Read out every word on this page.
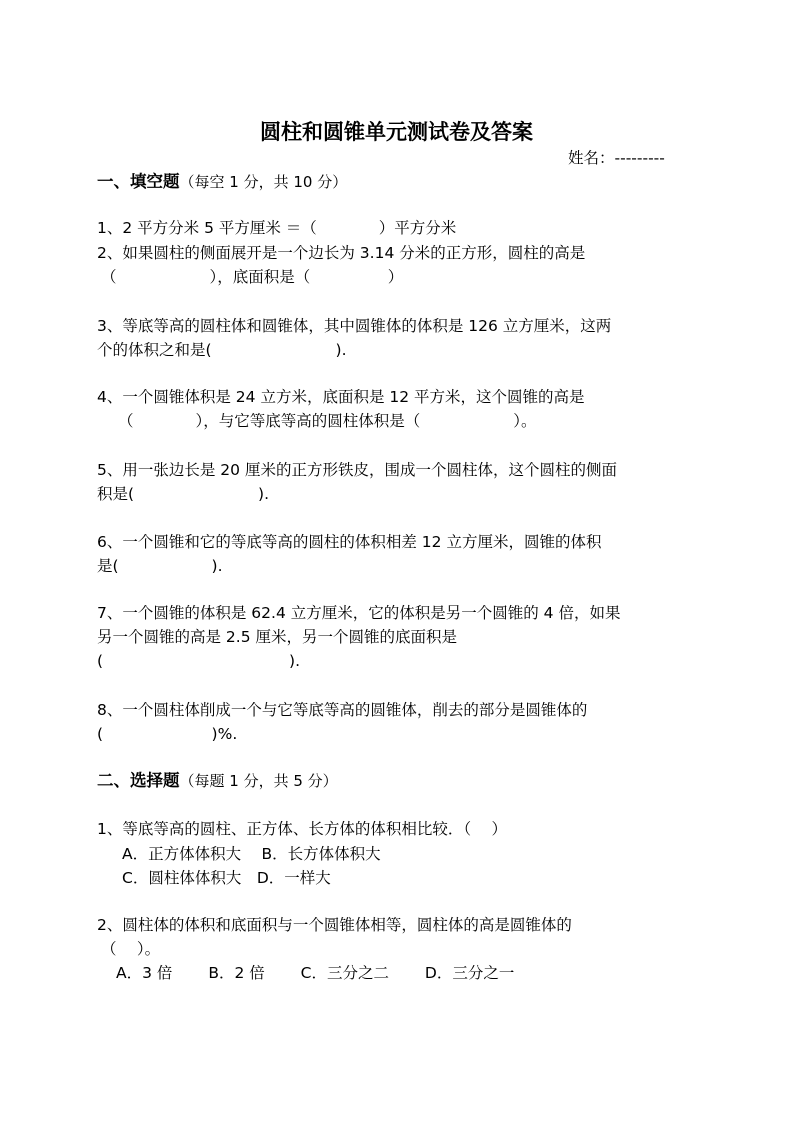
圆柱和圆锥单元测试卷及答案
姓名：---------
一、填空题（每空 1 分，共 10 分）
1、2 平方分米 5 平方厘米 ＝（　　　　）平方分米
2、如果圆柱的侧面展开是一个边长为 3.14 分米的正方形，圆柱的高是
（　　　　　　），底面积是（　　　　　）
3、等底等高的圆柱体和圆锥体，其中圆锥体的体积是 126 立方厘米，这两
个的体积之和是(　　　　　　　　).
4、一个圆锥体积是 24 立方米，底面积是 12 平方米，这个圆锥的高是
（　　　　），与它等底等高的圆柱体积是（　　　　　　）。
5、用一张边长是 20 厘米的正方形铁皮，围成一个圆柱体，这个圆柱的侧面
积是(　　　　　　　　).
6、一个圆锥和它的等底等高的圆柱的体积相差 12 立方厘米，圆锥的体积
是(　　　　　　).
7、一个圆锥的体积是 62.4 立方厘米，它的体积是另一个圆锥的 4 倍，如果
另一个圆锥的高是 2.5 厘米，另一个圆锥的底面积是
(　　　　　　　　　　　　).
8、一个圆柱体削成一个与它等底等高的圆锥体，削去的部分是圆锥体的
(　　　　　　　)%.
二、选择题（每题 1 分，共 5 分）
1、等底等高的圆柱、正方体、长方体的体积相比较．（　 ）
A．正方体体积大　 B．长方体体积大
C．圆柱体体积大　D．一样大
2、圆柱体的体积和底面积与一个圆锥体相等，圆柱体的高是圆锥体的
（　 ）。
A．3 倍　　 B．2 倍　　 C．三分之二　　 D．三分之一
